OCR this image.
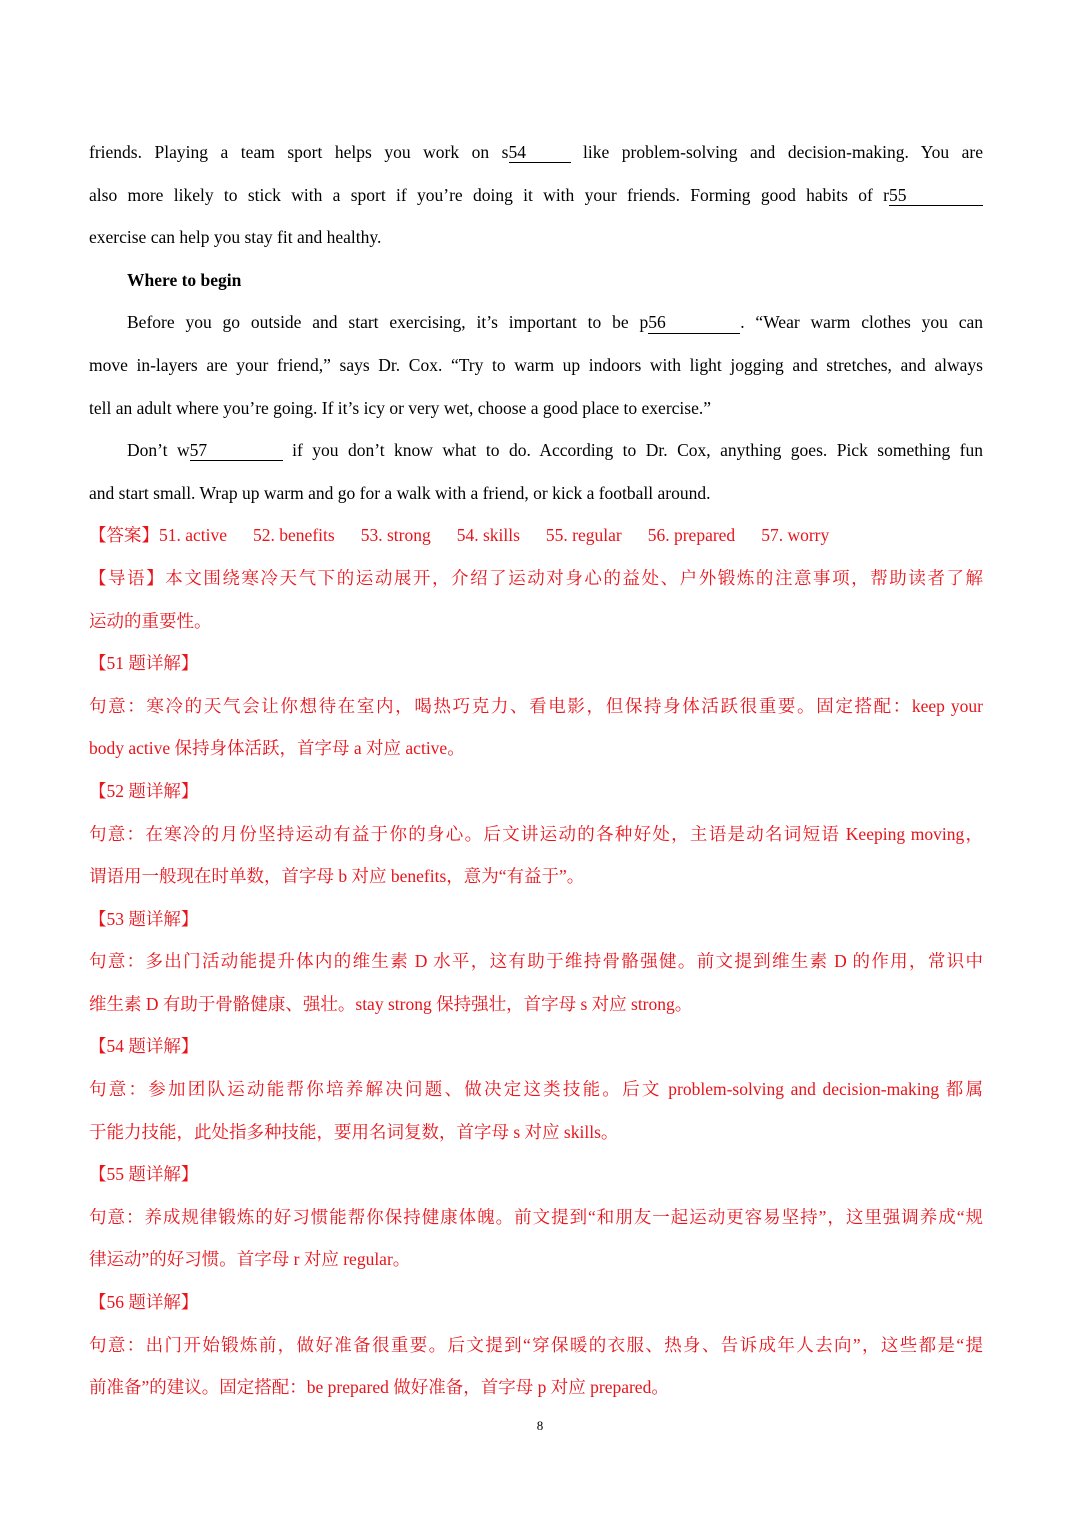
friends. Playing a team sport helps you work on s54	like problem-solving and decision-making. You are
also more likely to stick with a sport if you’re doing it with your friends. Forming good habits of r55
exercise can help you stay fit and healthy.
Where to begin
Before you go outside and start exercising, it’s important to be p56	. “Wear warm clothes you can
move in-layers are your friend,” says Dr. Cox. “Try to warm up indoors with light jogging and stretches, and always
tell an adult where you’re going. If it’s icy or very wet, choose a good place to exercise.”
Don’t w57	if you don’t know what to do. According to Dr. Cox, anything goes. Pick something fun
and start small. Wrap up warm and go for a walk with a friend, or kick a football around.
【答案】51. active 52. benefits 53. strong 54. skills 55. regular 56. prepared 57. worry
【导语】本文围绕寒冷天气下的运动展开，介绍了运动对身心的益处、户外锻炼的注意事项，帮助读者了解
运动的重要性。
【51 题详解】
句意：寒冷的天气会让你想待在室内，喝热巧克力、看电影，但保持身体活跃很重要。固定搭配：keep your
body active 保持身体活跃，首字母 a 对应 active。
【52 题详解】
句意：在寒冷的月份坚持运动有益于你的身心。后文讲运动的各种好处，主语是动名词短语 Keeping moving，
谓语用一般现在时单数，首字母 b 对应 benefits，意为“有益于”。
【53 题详解】
句意：多出门活动能提升体内的维生素 D 水平，这有助于维持骨骼强健。前文提到维生素 D 的作用，常识中
维生素 D 有助于骨骼健康、强壮。stay strong 保持强壮，首字母 s 对应 strong。
【54 题详解】
句意：参加团队运动能帮你培养解决问题、做决定这类技能。后文 problem-solving and decision-making 都属
于能力技能，此处指多种技能，要用名词复数，首字母 s 对应 skills。
【55 题详解】
句意：养成规律锻炼的好习惯能帮你保持健康体魄。前文提到“和朋友一起运动更容易坚持”，这里强调养成“规
律运动”的好习惯。首字母 r 对应 regular。
【56 题详解】
句意：出门开始锻炼前，做好准备很重要。后文提到“穿保暖的衣服、热身、告诉成年人去向”，这些都是“提
前准备”的建议。固定搭配：be prepared 做好准备，首字母 p 对应 prepared。
8
